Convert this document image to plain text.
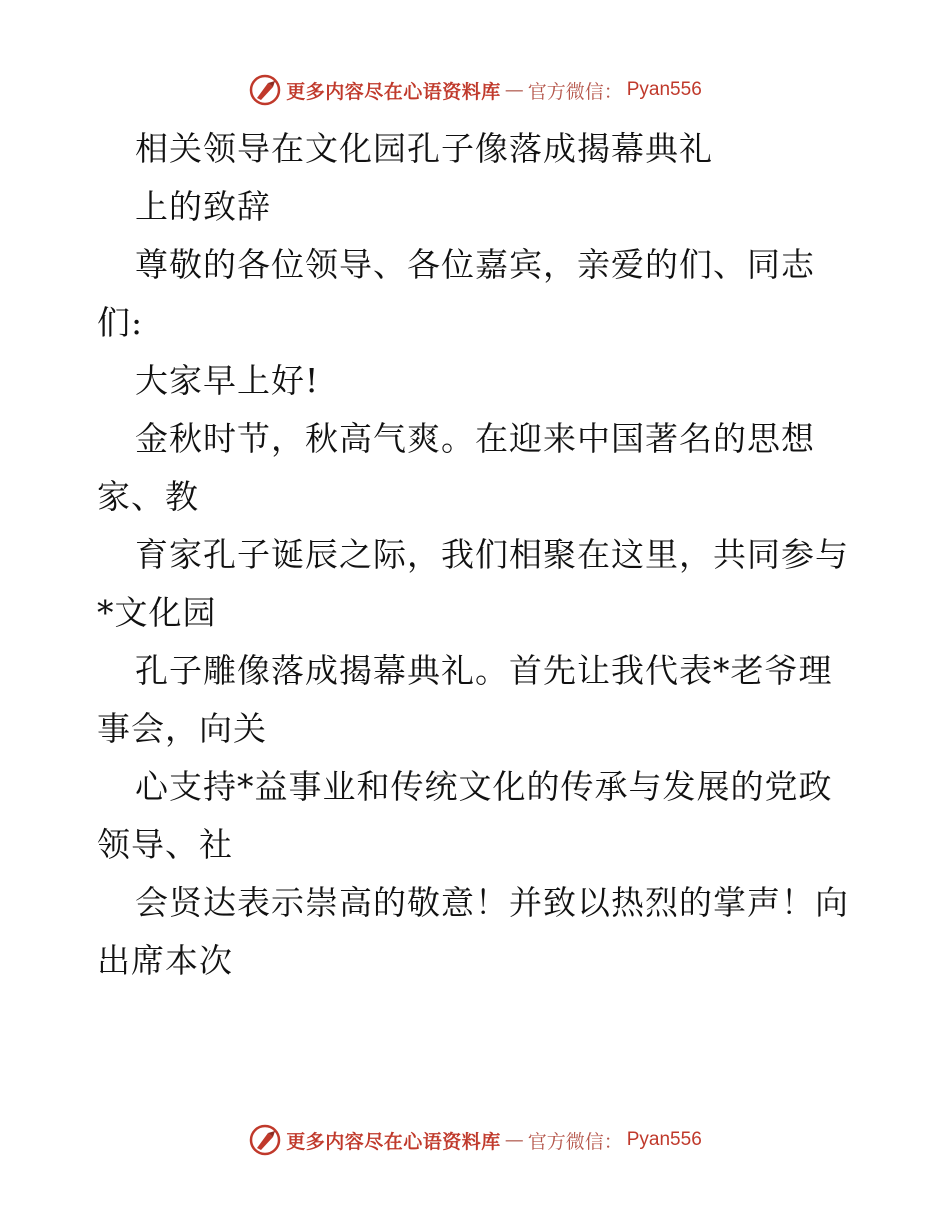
更多内容尽在心语资料库 — 官方微信： Pyan556
相关领导在文化园孔子像落成揭幕典礼
上的致辞
尊敬的各位领导、各位嘉宾，亲爱的们、同志
们:
大家早上好!
金秋时节，秋高气爽。在迎来中国著名的思想
家、教
育家孔子诞辰之际，我们相聚在这里，共同参与
*文化园
孔子雕像落成揭幕典礼。首先让我代表*老爷理
事会，向关
心支持*益事业和传统文化的传承与发展的党政
领导、社
会贤达表示崇高的敬意！并致以热烈的掌声！向
出席本次
更多内容尽在心语资料库 — 官方微信： Pyan556
